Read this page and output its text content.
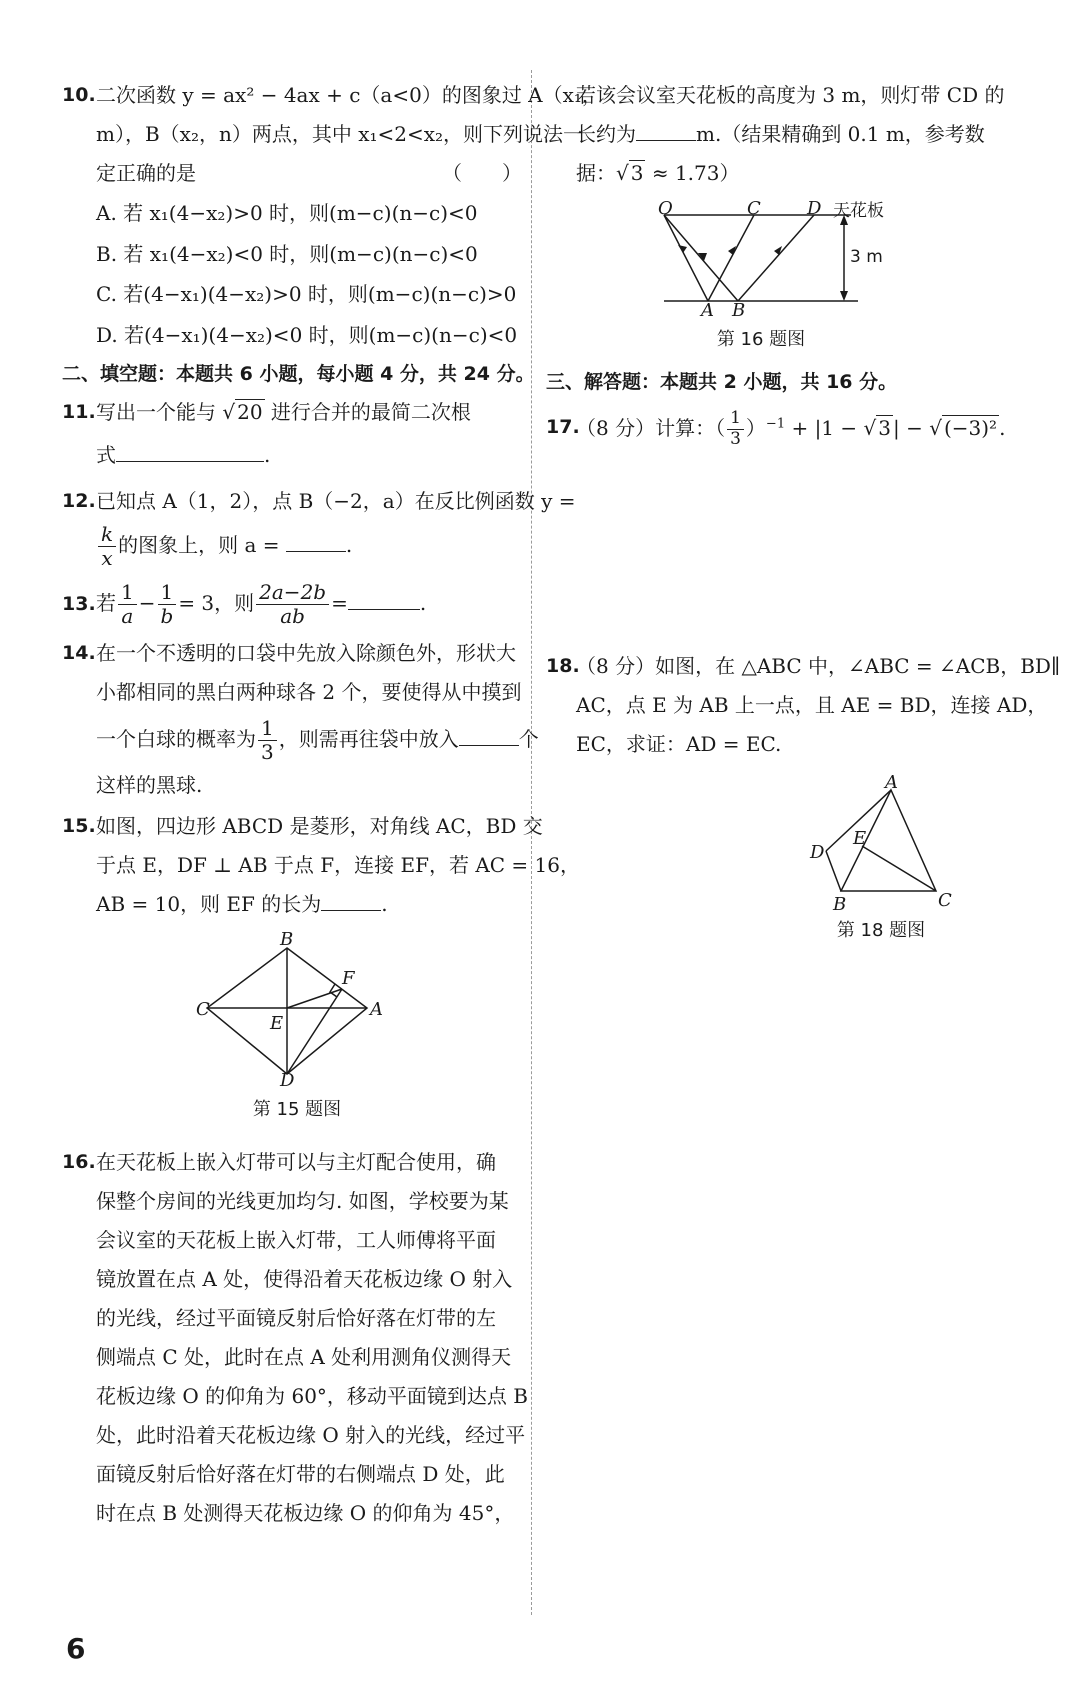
10. 二次函数 y = ax² − 4ax + c（a<0）的图象过 A（x₁，

m），B（x₂，n）两点，其中 x₁<2<x₂，则下列说法一

定正确的是	（　　）

A. 若 x₁(4−x₂)>0 时，则(m−c)(n−c)<0

B. 若 x₁(4−x₂)<0 时，则(m−c)(n−c)<0

C. 若(4−x₁)(4−x₂)>0 时，则(m−c)(n−c)>0

D. 若(4−x₁)(4−x₂)<0 时，则(m−c)(n−c)<0

二、填空题：本题共 6 小题，每小题 4 分，共 24 分。

11. 写出一个能与 √ 20 进行合并的最简二次根

式	.

12. 已知点 A（1，2），点 B（−2，a）在反比例函数 y =

$\frac{k}{x}$ 的图象上，则 a =	.

13. 若 $\frac{1}{a} - \frac{1}{b} = 3$，则 $\frac{2a-2b}{ab}$ =	.

14. 在一个不透明的口袋中先放入除颜色外，形状大

小都相同的黑白两种球各 2 个，要使得从中摸到

一个白球的概率为 $\frac{1}{3}$ ，则需再往袋中放入	个

这样的黑球.

15. 如图，四边形 ABCD 是菱形，对角线 AC，BD 交

于点 E，DF ⊥ AB 于点 F，连接 EF，若 AC = 16，

AB = 10，则 EF 的长为	.

B
A
C
D
E
F
第 15 题图
16. 在天花板上嵌入灯带可以与主灯配合使用，确

保整个房间的光线更加均匀. 如图，学校要为某

会议室的天花板上嵌入灯带，工人师傅将平面

镜放置在点 A 处，使得沿着天花板边缘 O 射入

的光线，经过平面镜反射后恰好落在灯带的左

侧端点 C 处，此时在点 A 处利用测角仪测得天

花板边缘 O 的仰角为 60°，移动平面镜到达点 B

处，此时沿着天花板边缘 O 射入的光线，经过平

面镜反射后恰好落在灯带的右侧端点 D 处，此

时在点 B 处测得天花板边缘 O 的仰角为 45°，

若该会议室天花板的高度为 3 m，则灯带 CD 的

长约为	m.（结果精确到 0.1 m，参考数

据：√ 3 ≈ 1.73）

O	C	D 天花板
3 m
A B
第 16 题图

三、解答题：本题共 2 小题，共 16 分。

17.

（8 分）计算：（ $\frac{1}{3} )^{-1} + |1$ − √ 3 | − √ (−3)² .

18.

（8 分）如图，在 △ABC 中，∠ABC = ∠ACB，BD∥

AC，点 E 为 AB 上一点，且 AE = BD，连接 AD，

EC，求证：AD = EC.

A
B	C
D
E
第 18 题图
6
